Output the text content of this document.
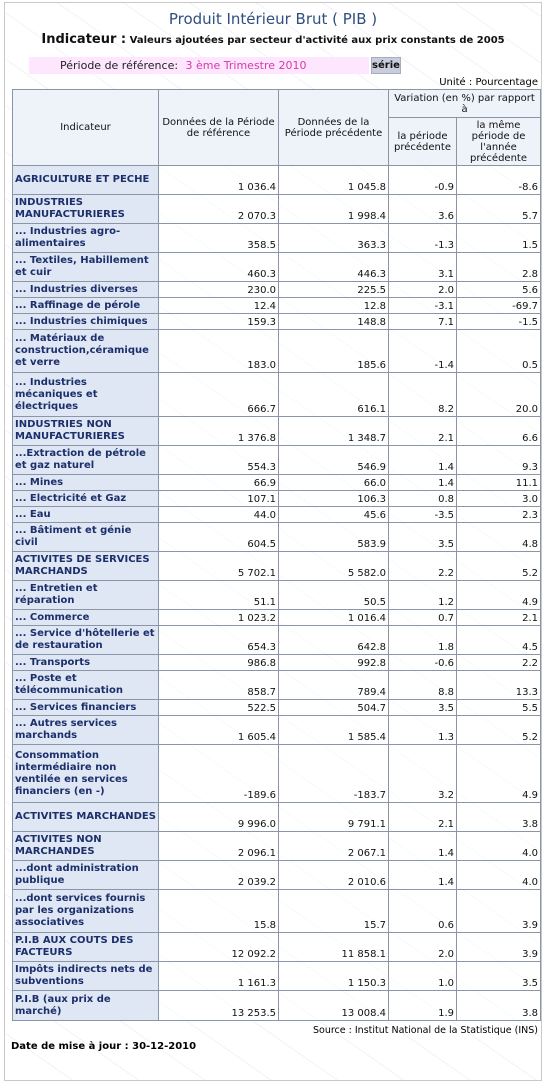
Produit Intérieur Brut ( PIB )
Indicateur : Valeurs ajoutées par secteur d'activité aux prix constants de 2005
Période de référence: 3 ème Trimestre 2010	série
Unité : Pourcentage
Indicateur	Données de la Période de référence	Données de la Période précédente	Variation (en %) par rapport à	
			la période précédente	la même période de l'année précédente
AGRICULTURE ET PECHE	1 036.4	1 045.8	-0.9	-8.6
INDUSTRIES MANUFACTURIERES	2 070.3	1 998.4	3.6	5.7
... Industries agro-alimentaires	358.5	363.3	-1.3	1.5
... Textiles, Habillement et cuir	460.3	446.3	3.1	2.8
... Industries diverses	230.0	225.5	2.0	5.6
... Raffinage de pérole	12.4	12.8	-3.1	-69.7
... Industries chimiques	159.3	148.8	7.1	-1.5
... Matériaux de construction,céramique et verre	183.0	185.6	-1.4	0.5
... Industries mécaniques et électriques	666.7	616.1	8.2	20.0
INDUSTRIES NON MANUFACTURIERES	1 376.8	1 348.7	2.1	6.6
...Extraction de pétrole et gaz naturel	554.3	546.9	1.4	9.3
... Mines	66.9	66.0	1.4	11.1
... Electricité et Gaz	107.1	106.3	0.8	3.0
... Eau	44.0	45.6	-3.5	2.3
... Bâtiment et génie civil	604.5	583.9	3.5	4.8
ACTIVITES DE SERVICES MARCHANDS	5 702.1	5 582.0	2.2	5.2
... Entretien et réparation	51.1	50.5	1.2	4.9
... Commerce	1 023.2	1 016.4	0.7	2.1
... Service d'hôtellerie et de restauration	654.3	642.8	1.8	4.5
... Transports	986.8	992.8	-0.6	2.2
... Poste et télécommunication	858.7	789.4	8.8	13.3
... Services financiers	522.5	504.7	3.5	5.5
... Autres services marchands	1 605.4	1 585.4	1.3	5.2
Consommation intermédiaire non ventilée en services financiers (en -)	-189.6	-183.7	3.2	4.9
ACTIVITES MARCHANDES	9 996.0	9 791.1	2.1	3.8
ACTIVITES NON MARCHANDES	2 096.1	2 067.1	1.4	4.0
...dont administration publique	2 039.2	2 010.6	1.4	4.0
...dont services fournis par les organizations associatives	15.8	15.7	0.6	3.9
P.I.B AUX COUTS DES FACTEURS	12 092.2	11 858.1	2.0	3.9
Impôts indirects nets de subventions	1 161.3	1 150.3	1.0	3.5
P.I.B (aux prix de marché)	13 253.5	13 008.4	1.9	3.8
Source : Institut National de la Statistique (INS)
Date de mise à jour : 30-12-2010
